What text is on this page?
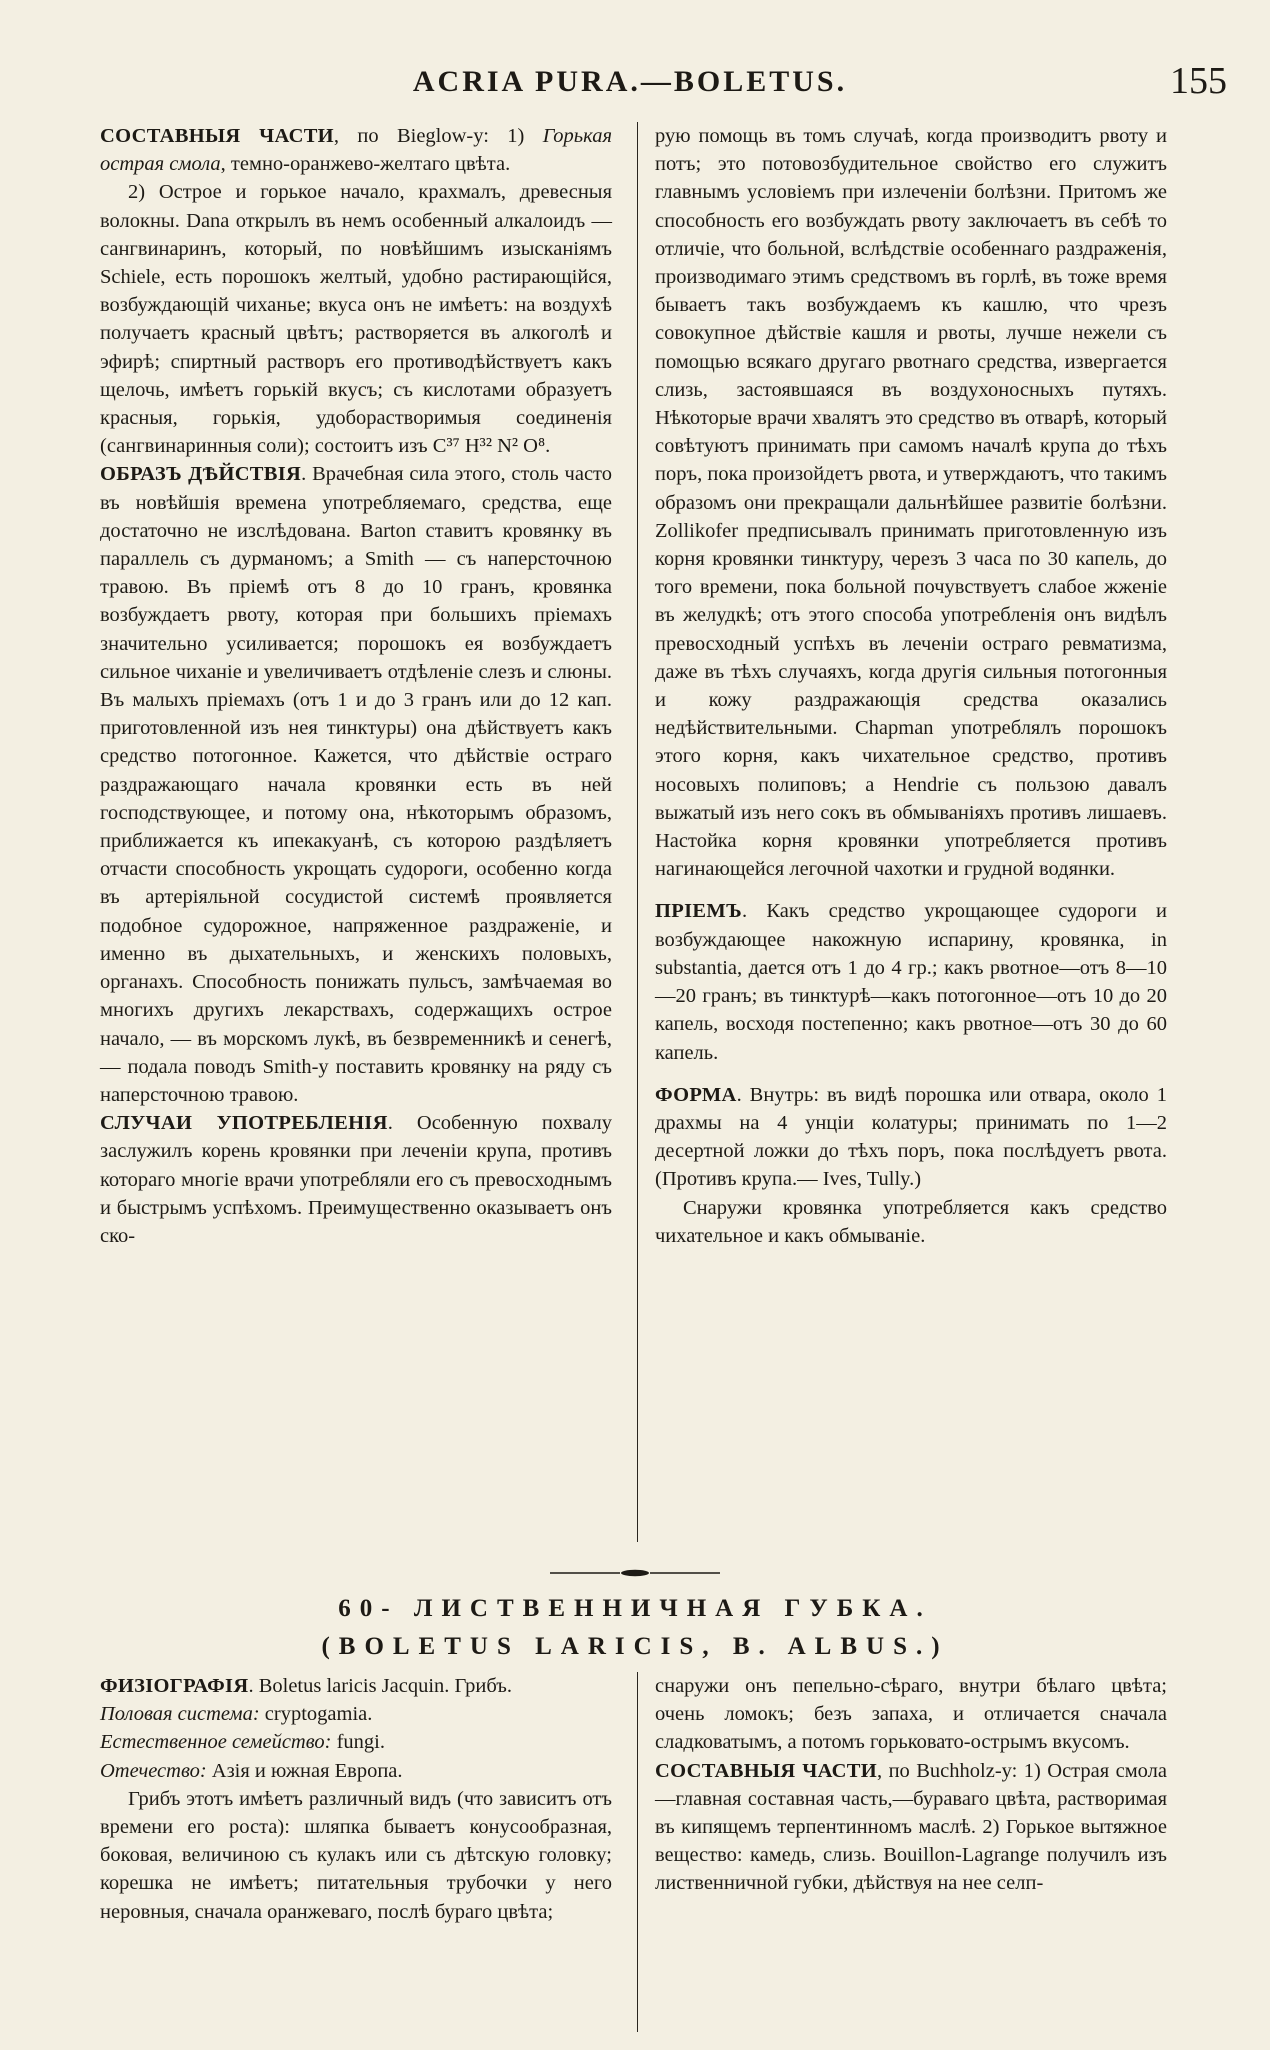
ACRIA PURA.—BOLETUS.	155

СОСТАВНЫЯ ЧАСТИ, по Bieglow-у: 1) Горькая острая смола, темно-оранжево-желтаго цвѣта.

2) Острое и горькое начало, крахмалъ, древесныя волокны. Dana открылъ въ немъ особенный алкалоидъ — сангвинаринъ, который, по новѣйшимъ изысканіямъ Schiele, есть порошокъ желтый, удобно растирающійся, возбуждающій чиханье; вкуса онъ не имѣетъ: на воздухѣ получаетъ красный цвѣтъ; растворяется въ алкоголѣ и эфирѣ; спиртный растворъ его противодѣйствуетъ какъ щелочь, имѣетъ горькій вкусъ; съ кислотами образуетъ красныя, горькія, удоборастворимыя соединенія (сангвинаринныя соли); состоитъ изъ C³⁷ H³² N² O⁸.

ОБРАЗЪ ДѢЙСТВІЯ. Врачебная сила этого, столь часто въ новѣйшія времена употребляемаго, средства, еще достаточно не изслѣдована. Barton ставитъ кровянку въ параллель съ дурманомъ; а Smith — съ наперсточною травою. Въ пріемѣ отъ 8 до 10 гранъ, кровянка возбуждаетъ рвоту, которая при большихъ пріемахъ значительно усиливается; порошокъ ея возбуждаетъ сильное чиханіе и увеличиваетъ отдѣленіе слезъ и слюны. Въ малыхъ пріемахъ (отъ 1 и до 3 гранъ или до 12 кап. приготовленной изъ нея тинктуры) она дѣйствуетъ какъ средство потогонное. Кажется, что дѣйствіе остраго раздражающаго начала кровянки есть въ ней господствующее, и потому она, нѣкоторымъ образомъ, приближается къ ипекакуанѣ, съ которою раздѣляетъ отчасти способность укрощать судороги, особенно когда въ артеріяльной сосудистой системѣ проявляется подобное судорожное, напряженное раздраженіе, и именно въ дыхательныхъ, и женскихъ половыхъ, органахъ. Способность понижать пульсъ, замѣчаемая во многихъ другихъ лекарствахъ, содержащихъ острое начало, — въ морскомъ лукѣ, въ безвременникѣ и сенегѣ,— подала поводъ Smith-у поставить кровянку на ряду съ наперсточною травою.

СЛУЧАИ УПОТРЕБЛЕНІЯ. Особенную похвалу заслужилъ корень кровянки при леченіи крупа, противъ котораго многіе врачи употребляли его съ превосходнымъ и быстрымъ успѣхомъ. Преимущественно оказываетъ онъ ско-

рую помощь въ томъ случаѣ, когда производитъ рвоту и потъ; это потовозбудительное свойство его служитъ главнымъ условіемъ при излеченіи болѣзни. Притомъ же способность его возбуждать рвоту заключаетъ въ себѣ то отличіе, что больной, вслѣдствіе особеннаго раздраженія, производимаго этимъ средствомъ въ горлѣ, въ тоже время бываетъ такъ возбуждаемъ къ кашлю, что чрезъ совокупное дѣйствіе кашля и рвоты, лучше нежели съ помощью всякаго другаго рвотнаго средства, извергается слизь, застоявшаяся въ воздухоносныхъ путяхъ. Нѣкоторые врачи хвалятъ это средство въ отварѣ, который совѣтуютъ принимать при самомъ началѣ крупа до тѣхъ поръ, пока произойдетъ рвота, и утверждаютъ, что такимъ образомъ они прекращали дальнѣйшее развитіе болѣзни. Zollikofer предписывалъ принимать приготовленную изъ корня кровянки тинктуру, черезъ 3 часа по 30 капель, до того времени, пока больной почувствуетъ слабое жженіе въ желудкѣ; отъ этого способа употребленія онъ видѣлъ превосходный успѣхъ въ леченіи остраго ревматизма, даже въ тѣхъ случаяхъ, когда другія сильныя потогонныя и кожу раздражающія средства оказались недѣйствительными. Chapman употреблялъ порошокъ этого корня, какъ чихательное средство, противъ носовыхъ полиповъ; а Hendrie съ пользою давалъ выжатый изъ него сокъ въ обмываніяхъ противъ лишаевъ. Настойка корня кровянки употребляется противъ нагинающейся легочной чахотки и грудной водянки.

ПРІЕМЪ. Какъ средство укрощающее судороги и возбуждающее накожную испарину, кровянка, in substantia, дается отъ 1 до 4 гр.; какъ рвотное—отъ 8—10—20 гранъ; въ тинктурѣ—какъ потогонное—отъ 10 до 20 капель, восходя постепенно; какъ рвотное—отъ 30 до 60 капель.

ФОРМА. Внутрь: въ видѣ порошка или отвара, около 1 драхмы на 4 унціи колатуры; принимать по 1—2 десертной ложки до тѣхъ поръ, пока послѣдуетъ рвота. (Противъ крупа.— Ives, Tully.)

Снаружи кровянка употребляется какъ средство чихательное и какъ обмываніе.

60- ЛИСТВЕННИЧНАЯ ГУБКА.
(BOLETUS LARICIS, B. ALBUS.)

ФИЗІОГРАФІЯ. Boletus laricis Jacquin. Грибъ.

Половая система: cryptogamia.

Естественное семейство: fungi.

Отечество: Азія и южная Европа.

Грибъ этотъ имѣетъ различный видъ (что зависитъ отъ времени его роста): шляпка бываетъ конусообразная, боковая, величиною съ кулакъ или съ дѣтскую головку; корешка не имѣетъ; питательныя трубочки у него неровныя, сначала оранжеваго, послѣ бураго цвѣта;

снаружи онъ пепельно-сѣраго, внутри бѣлаго цвѣта; очень ломокъ; безъ запаха, и отличается сначала сладковатымъ, а потомъ горьковато-острымъ вкусомъ.

СОСТАВНЫЯ ЧАСТИ, по Buchholz-у: 1) Острая смола—главная составная часть,—бураваго цвѣта, растворимая въ кипящемъ терпентинномъ маслѣ. 2) Горькое вытяжное вещество: камедь, слизь. Bouillon-Lagrange получилъ изъ лиственничной губки, дѣйствуя на нее селп-
